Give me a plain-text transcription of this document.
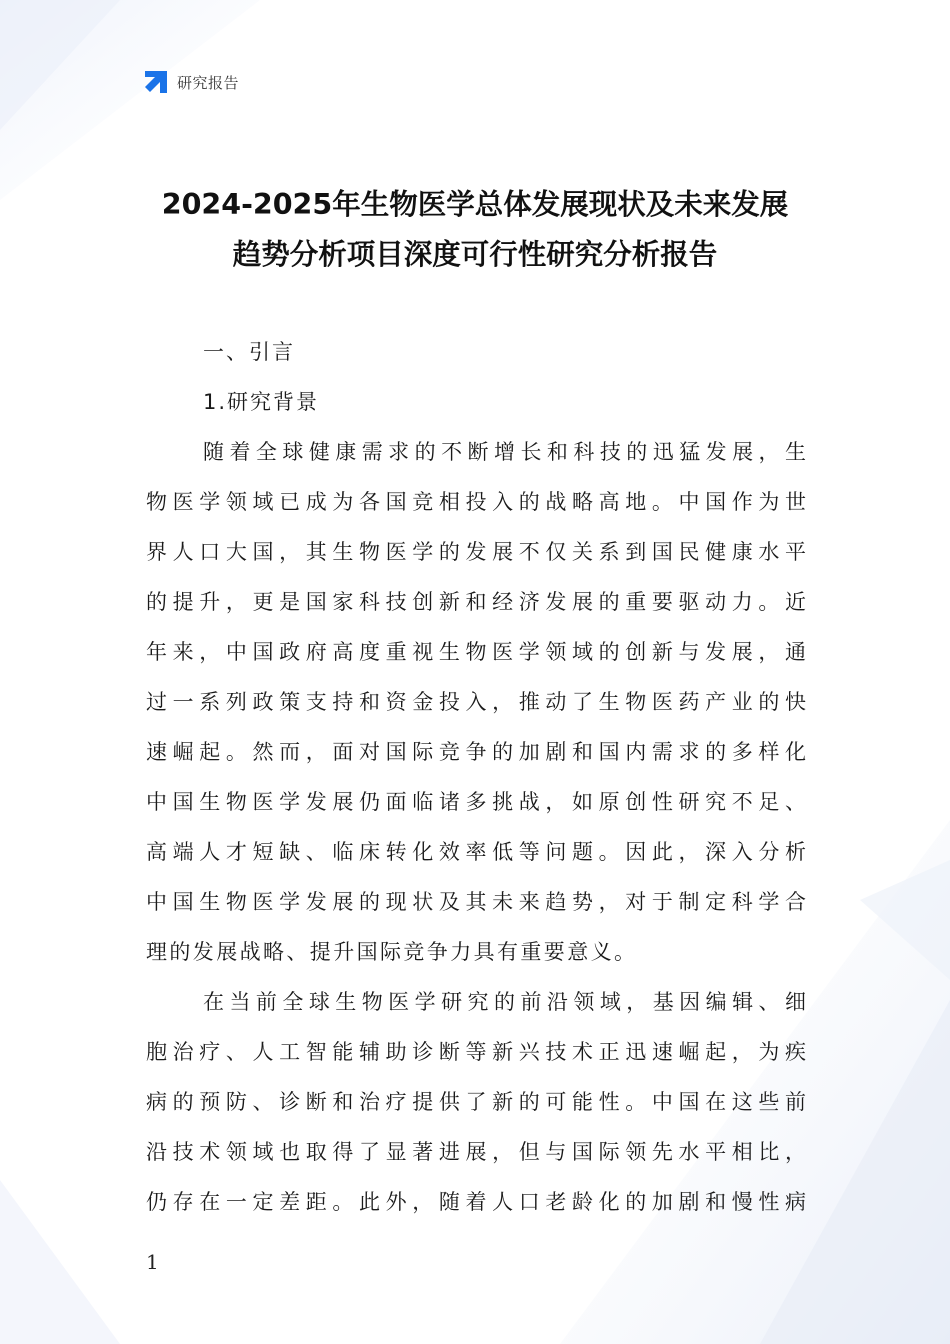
研究报告
2024-2025年生物医学总体发展现状及未来发展
趋势分析项目深度可行性研究分析报告

一、引言

1.研究背景

随着全球健康需求的不断增长和科技的迅猛发展，生
物医学领域已成为各国竞相投入的战略高地。中国作为世
界人口大国，其生物医学的发展不仅关系到国民健康水平
的提升，更是国家科技创新和经济发展的重要驱动力。近
年来，中国政府高度重视生物医学领域的创新与发展，通
过一系列政策支持和资金投入，推动了生物医药产业的快
速崛起。然而，面对国际竞争的加剧和国内需求的多样化
中国生物医学发展仍面临诸多挑战，如原创性研究不足、
高端人才短缺、临床转化效率低等问题。因此，深入分析
中国生物医学发展的现状及其未来趋势，对于制定科学合
理的发展战略、提升国际竞争力具有重要意义。

在当前全球生物医学研究的前沿领域，基因编辑、细
胞治疗、人工智能辅助诊断等新兴技术正迅速崛起，为疾
病的预防、诊断和治疗提供了新的可能性。中国在这些前
沿技术领域也取得了显著进展，但与国际领先水平相比，
仍存在一定差距。此外，随着人口老龄化的加剧和慢性病

1
